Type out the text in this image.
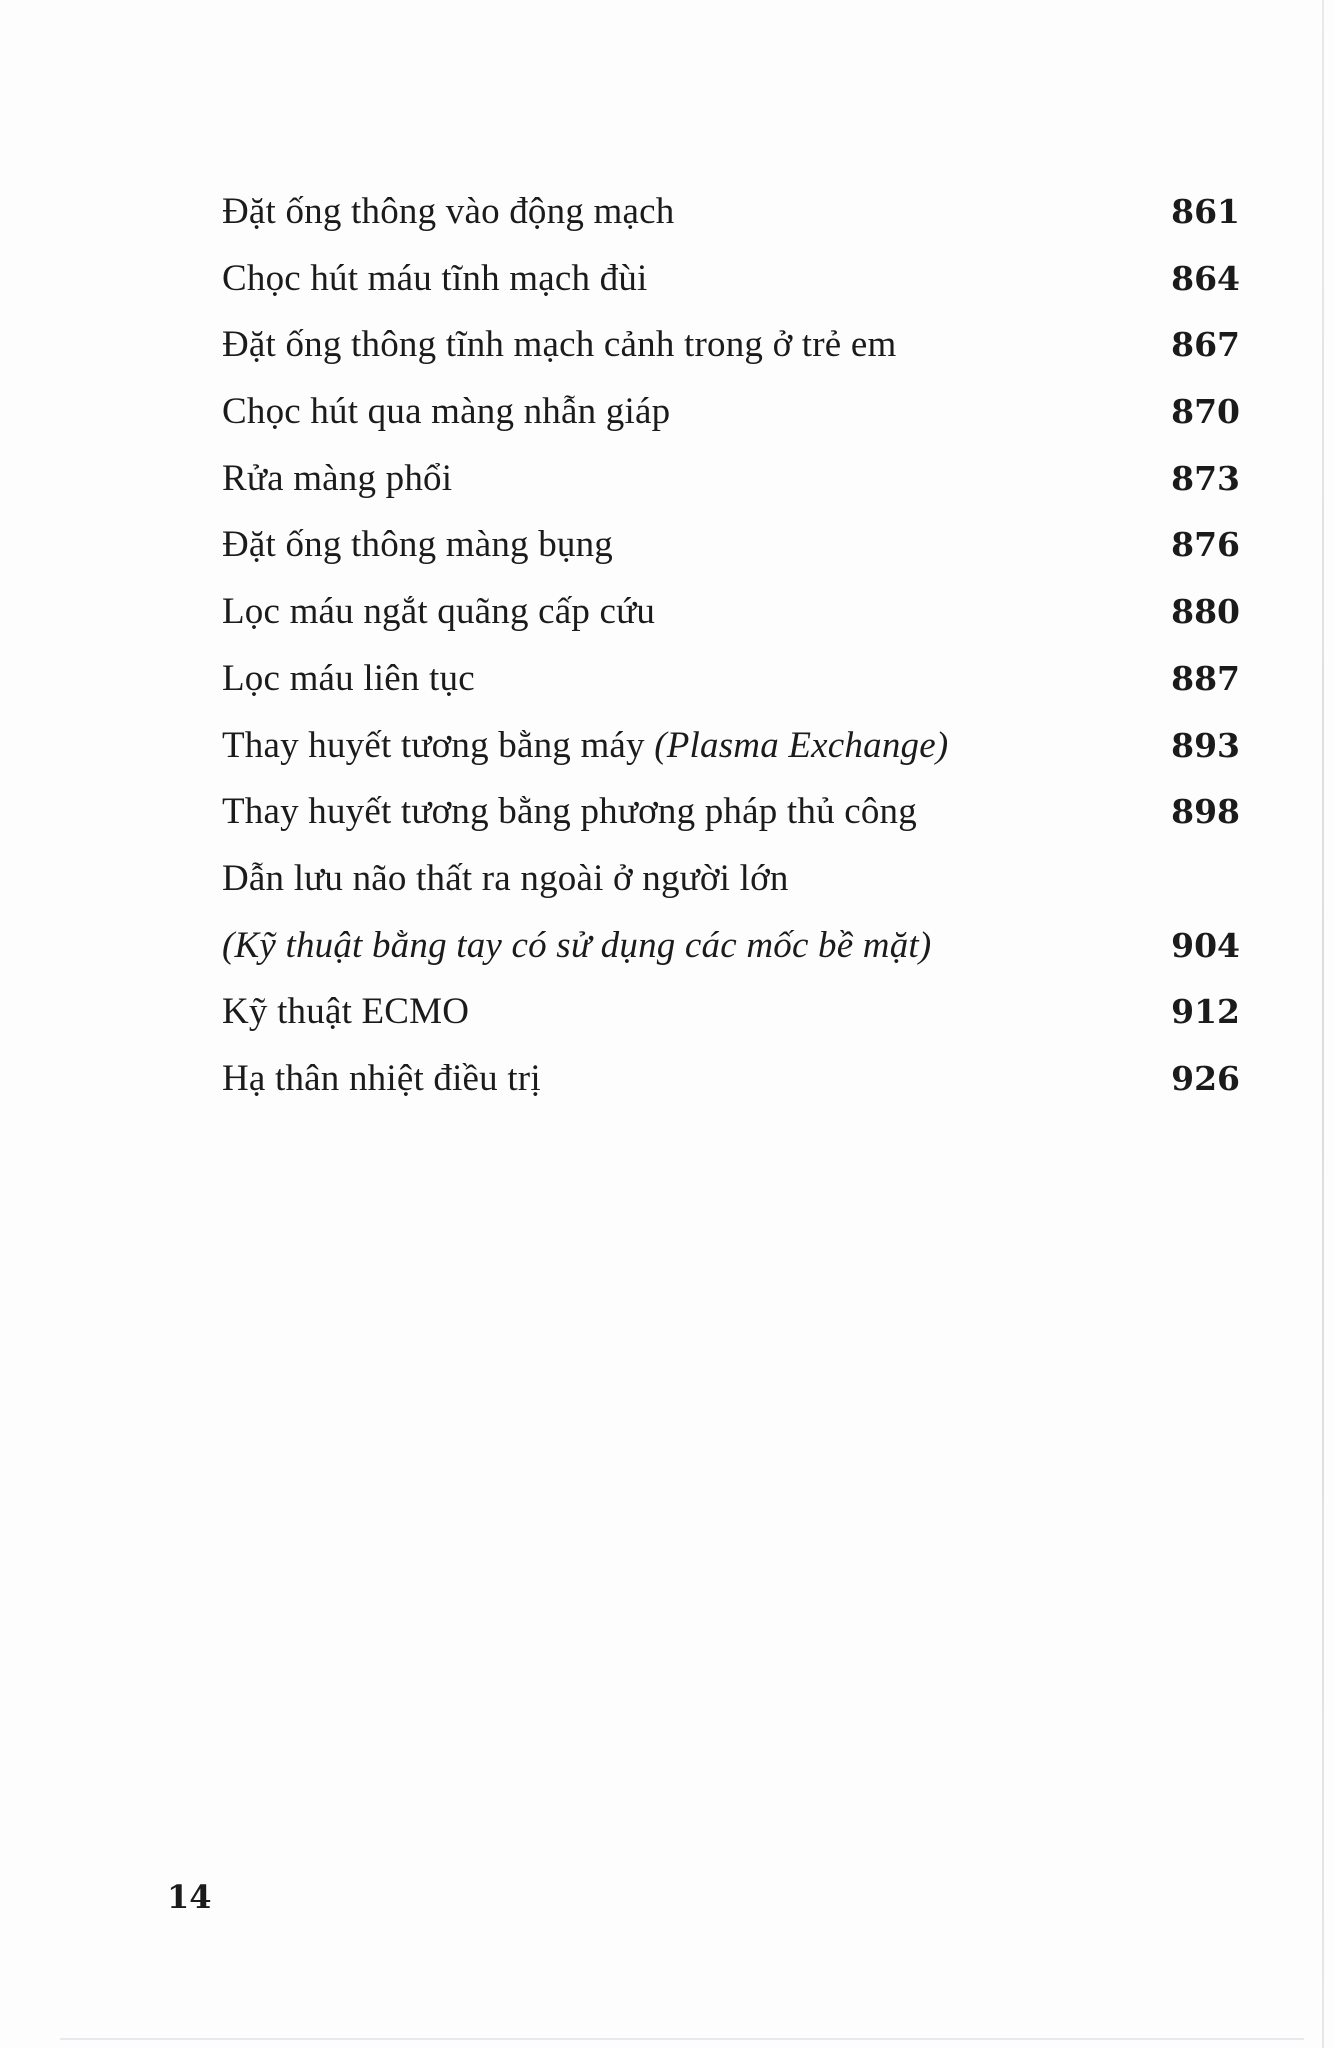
Đặt ống thông vào động mạch	861
Chọc hút máu tĩnh mạch đùi	864
Đặt ống thông tĩnh mạch cảnh trong ở trẻ em	867
Chọc hút qua màng nhẫn giáp	870
Rửa màng phổi	873
Đặt ống thông màng bụng	876
Lọc máu ngắt quãng cấp cứu	880
Lọc máu liên tục	887
Thay huyết tương bằng máy (Plasma Exchange)	893
Thay huyết tương bằng phương pháp thủ công	898
Dẫn lưu não thất ra ngoài ở người lớn
(Kỹ thuật bằng tay có sử dụng các mốc bề mặt)	904
Kỹ thuật ECMO	912
Hạ thân nhiệt điều trị	926
14
